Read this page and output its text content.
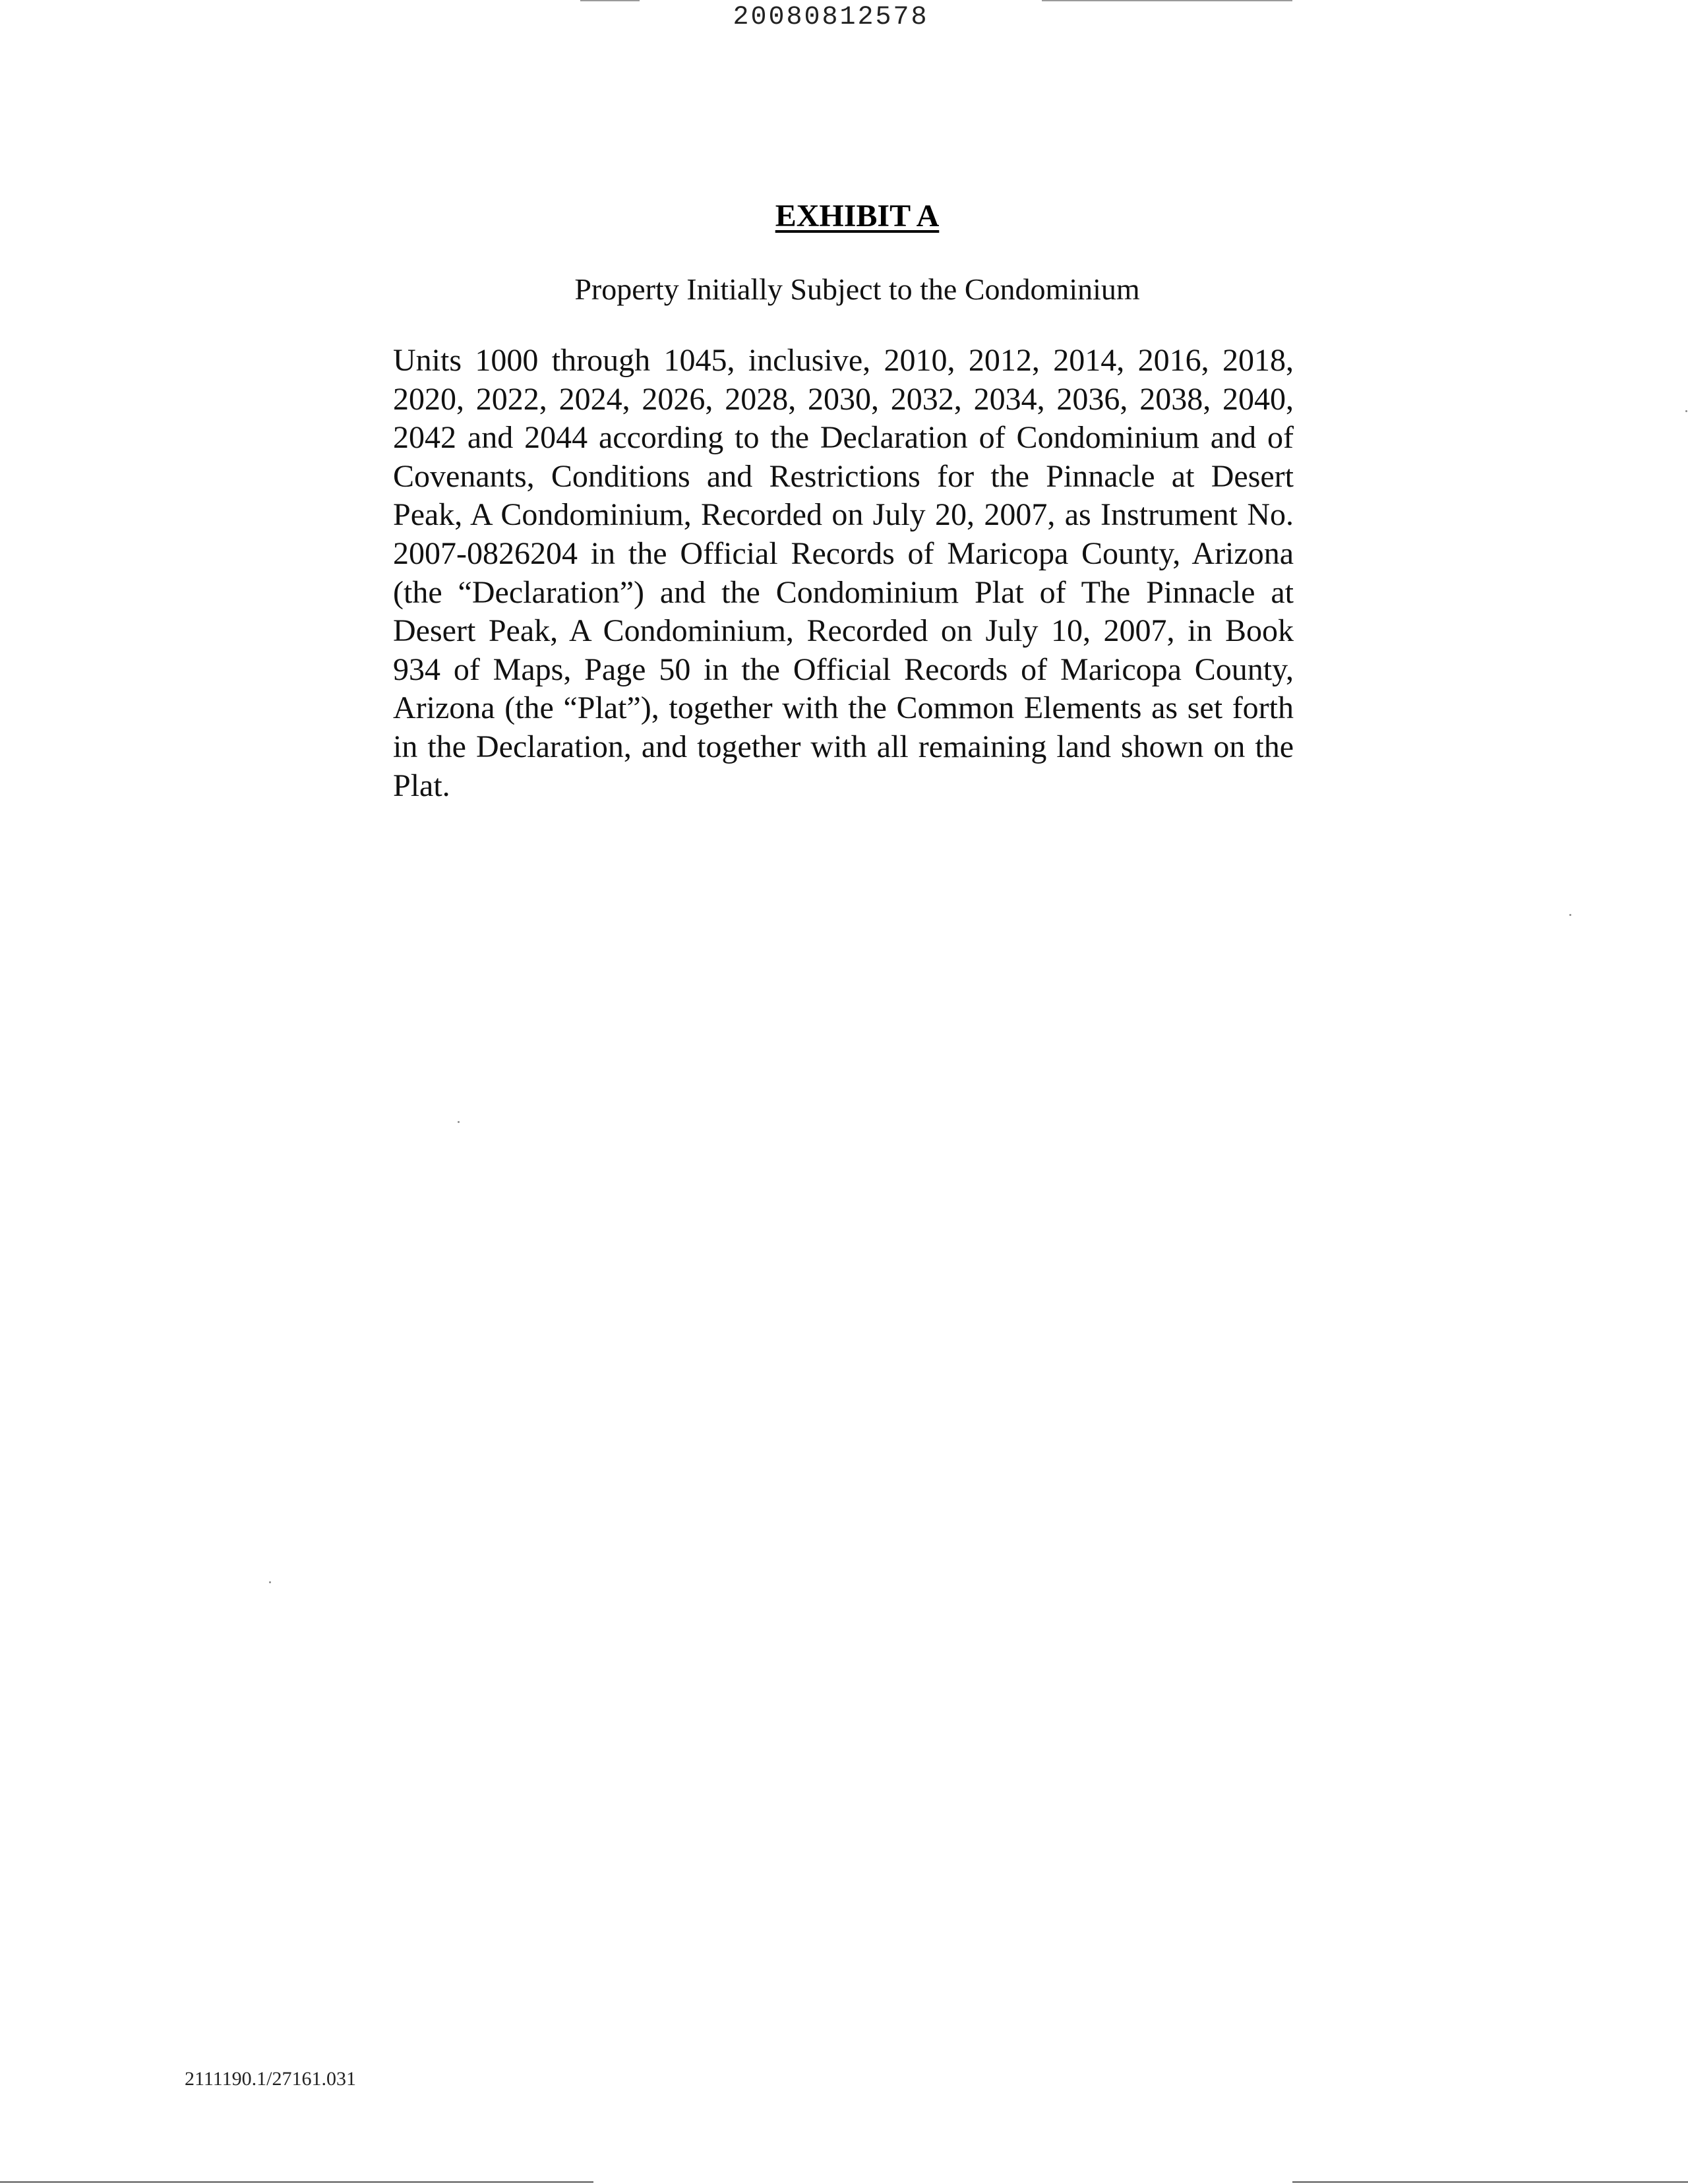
20080812578
EXHIBIT A
Property Initially Subject to the Condominium
Units 1000 through 1045, inclusive, 2010, 2012, 2014, 2016, 2018, 2020, 2022, 2024, 2026, 2028, 2030, 2032, 2034, 2036, 2038, 2040, 2042 and 2044 according to the Declaration of Condominium and of Covenants, Conditions and Restrictions for the Pinnacle at Desert Peak, A Condominium, Recorded on July 20, 2007, as Instrument No. 2007-0826204 in the Official Records of Maricopa County, Arizona (the “Declaration”) and the Condominium Plat of The Pinnacle at Desert Peak, A Condominium, Recorded on July 10, 2007, in Book 934 of Maps, Page 50 in the Official Records of Maricopa County, Arizona (the “Plat”), together with the Common Elements as set forth in the Declaration, and together with all remaining land shown on the Plat.
2111190.1/27161.031
